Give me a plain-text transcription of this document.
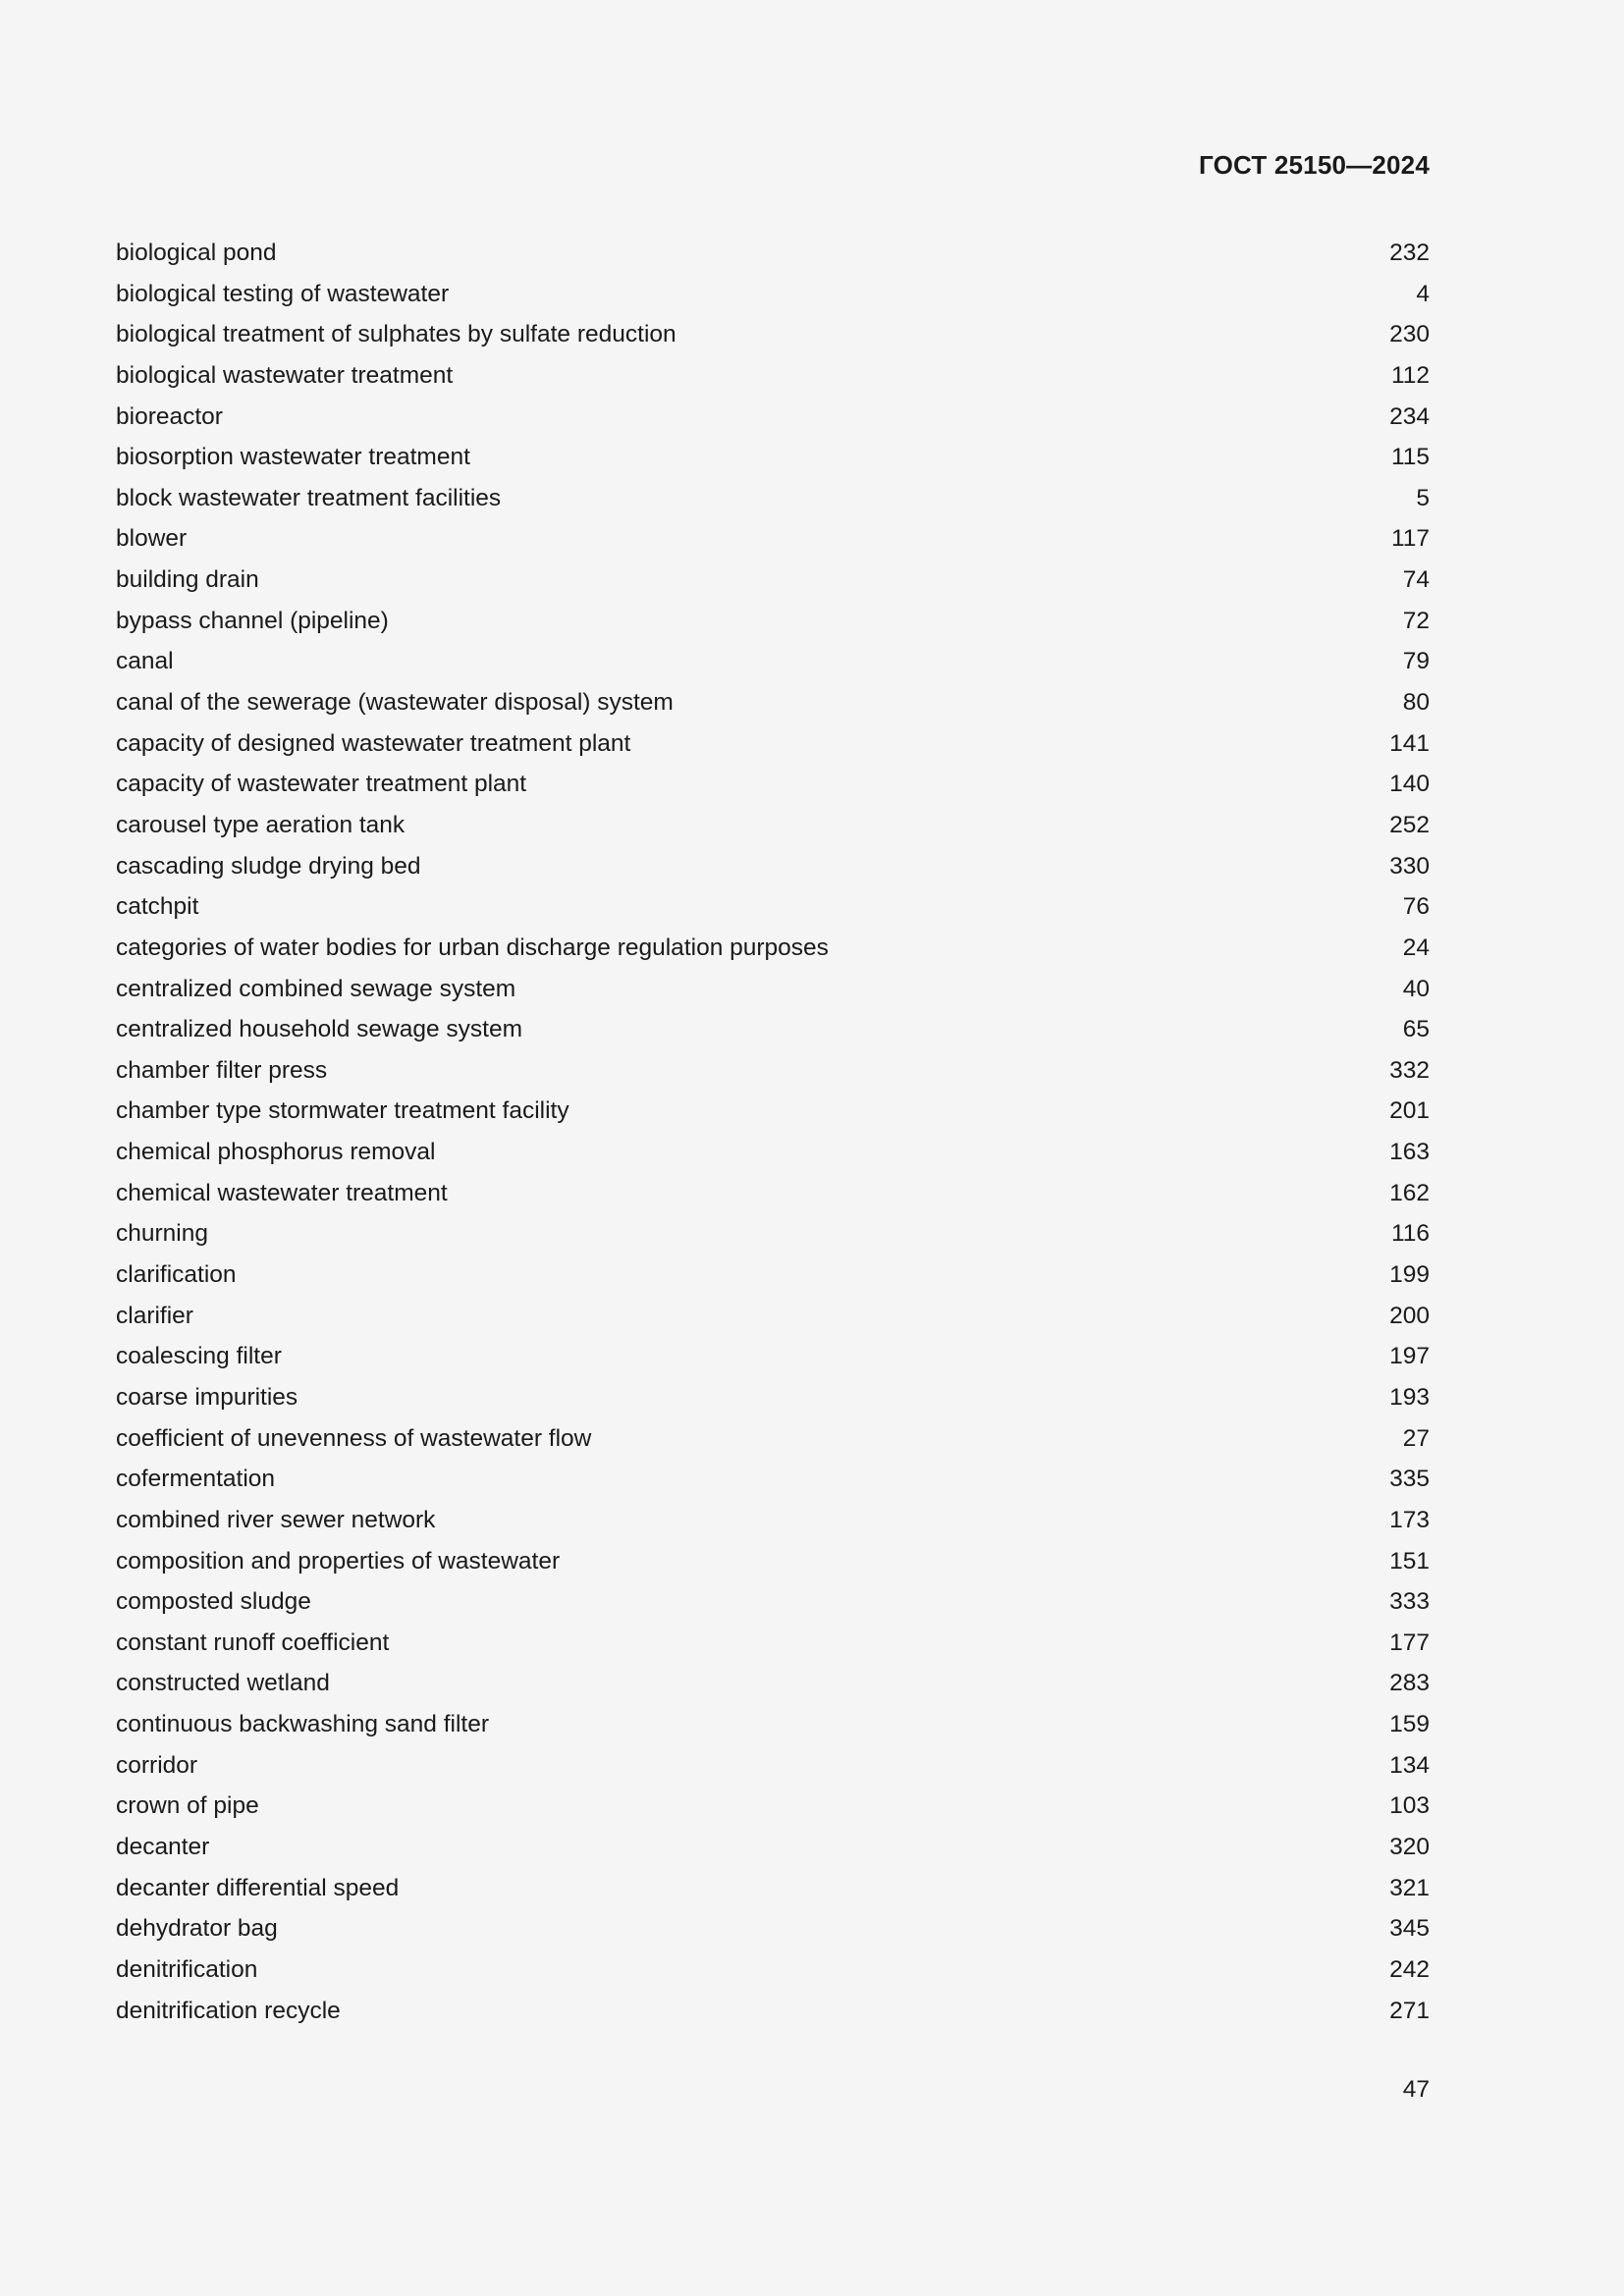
ГОСТ 25150—2024
biological pond	232
biological testing of wastewater	4
biological treatment of sulphates by sulfate reduction	230
biological wastewater treatment	112
bioreactor	234
biosorption wastewater treatment	115
block wastewater treatment facilities	5
blower	117
building drain	74
bypass channel (pipeline)	72
canal	79
canal of the sewerage (wastewater disposal) system	80
capacity of designed wastewater treatment plant	141
capacity of wastewater treatment plant	140
carousel type aeration tank	252
cascading sludge drying bed	330
catchpit	76
categories of water bodies for urban discharge regulation purposes	24
centralized combined sewage system	40
centralized household sewage system	65
chamber filter press	332
chamber type stormwater treatment facility	201
chemical phosphorus removal	163
chemical wastewater treatment	162
churning	116
clarification	199
clarifier	200
coalescing filter	197
coarse impurities	193
coefficient of unevenness of wastewater flow	27
cofermentation	335
combined river sewer network	173
composition and properties of wastewater	151
composted sludge	333
constant runoff coefficient	177
constructed wetland	283
continuous backwashing sand filter	159
corridor	134
crown of pipe	103
decanter	320
decanter differential speed	321
dehydrator bag	345
denitrification	242
denitrification recycle	271
47
